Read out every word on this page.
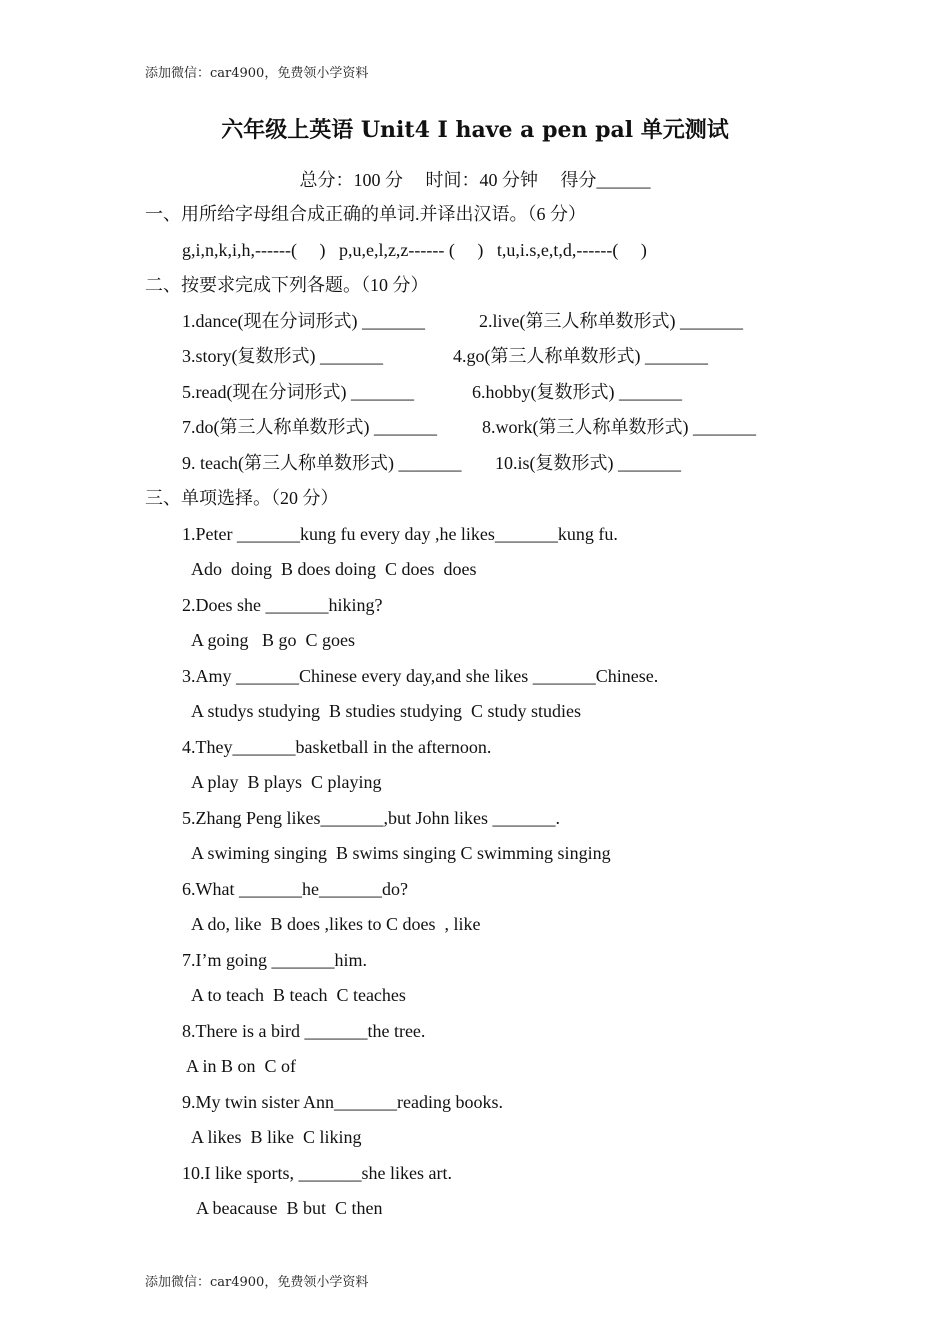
添加微信：car4900，免费领小学资料
六年级上英语 Unit4 I have a pen pal 单元测试
总分：100 分 时间：40 分钟 得分______
一、用所给字母组合成正确的单词.并译出汉语。（6 分）
g,i,n,k,i,h,------(     )   p,u,e,l,z,z------ (     )   t,u,i.s,e,t,d,------(     )
二、按要求完成下列各题。（10 分）
1.dance(现在分词形式) _______	2.live(第三人称单数形式) _______
3.story(复数形式) _______	4.go(第三人称单数形式) _______
5.read(现在分词形式) _______	6.hobby(复数形式) _______
7.do(第三人称单数形式) _______	8.work(第三人称单数形式) _______
9. teach(第三人称单数形式) _______ 10.is(复数形式) _______
三、单项选择。（20 分）
1.Peter _______kung fu every day ,he likes_______kung fu.
Ado  doing  B does doing  C does  does
2.Does she _______hiking?
A going   B go  C goes
3.Amy _______Chinese every day,and she likes _______Chinese.
A studys studying  B studies studying  C study studies
4.They_______basketball in the afternoon.
A play  B plays  C playing
5.Zhang Peng likes_______,but John likes _______.
A swiming singing  B swims singing C swimming singing
6.What _______he_______do?
A do, like  B does ,likes to C does  , like
7.I’m going _______him.
A to teach  B teach  C teaches
8.There is a bird _______the tree.
A in B on  C of
9.My twin sister Ann_______reading books.
A likes  B like  C liking
10.I like sports, _______she likes art.
A beacause  B but  C then
添加微信：car4900，免费领小学资料
